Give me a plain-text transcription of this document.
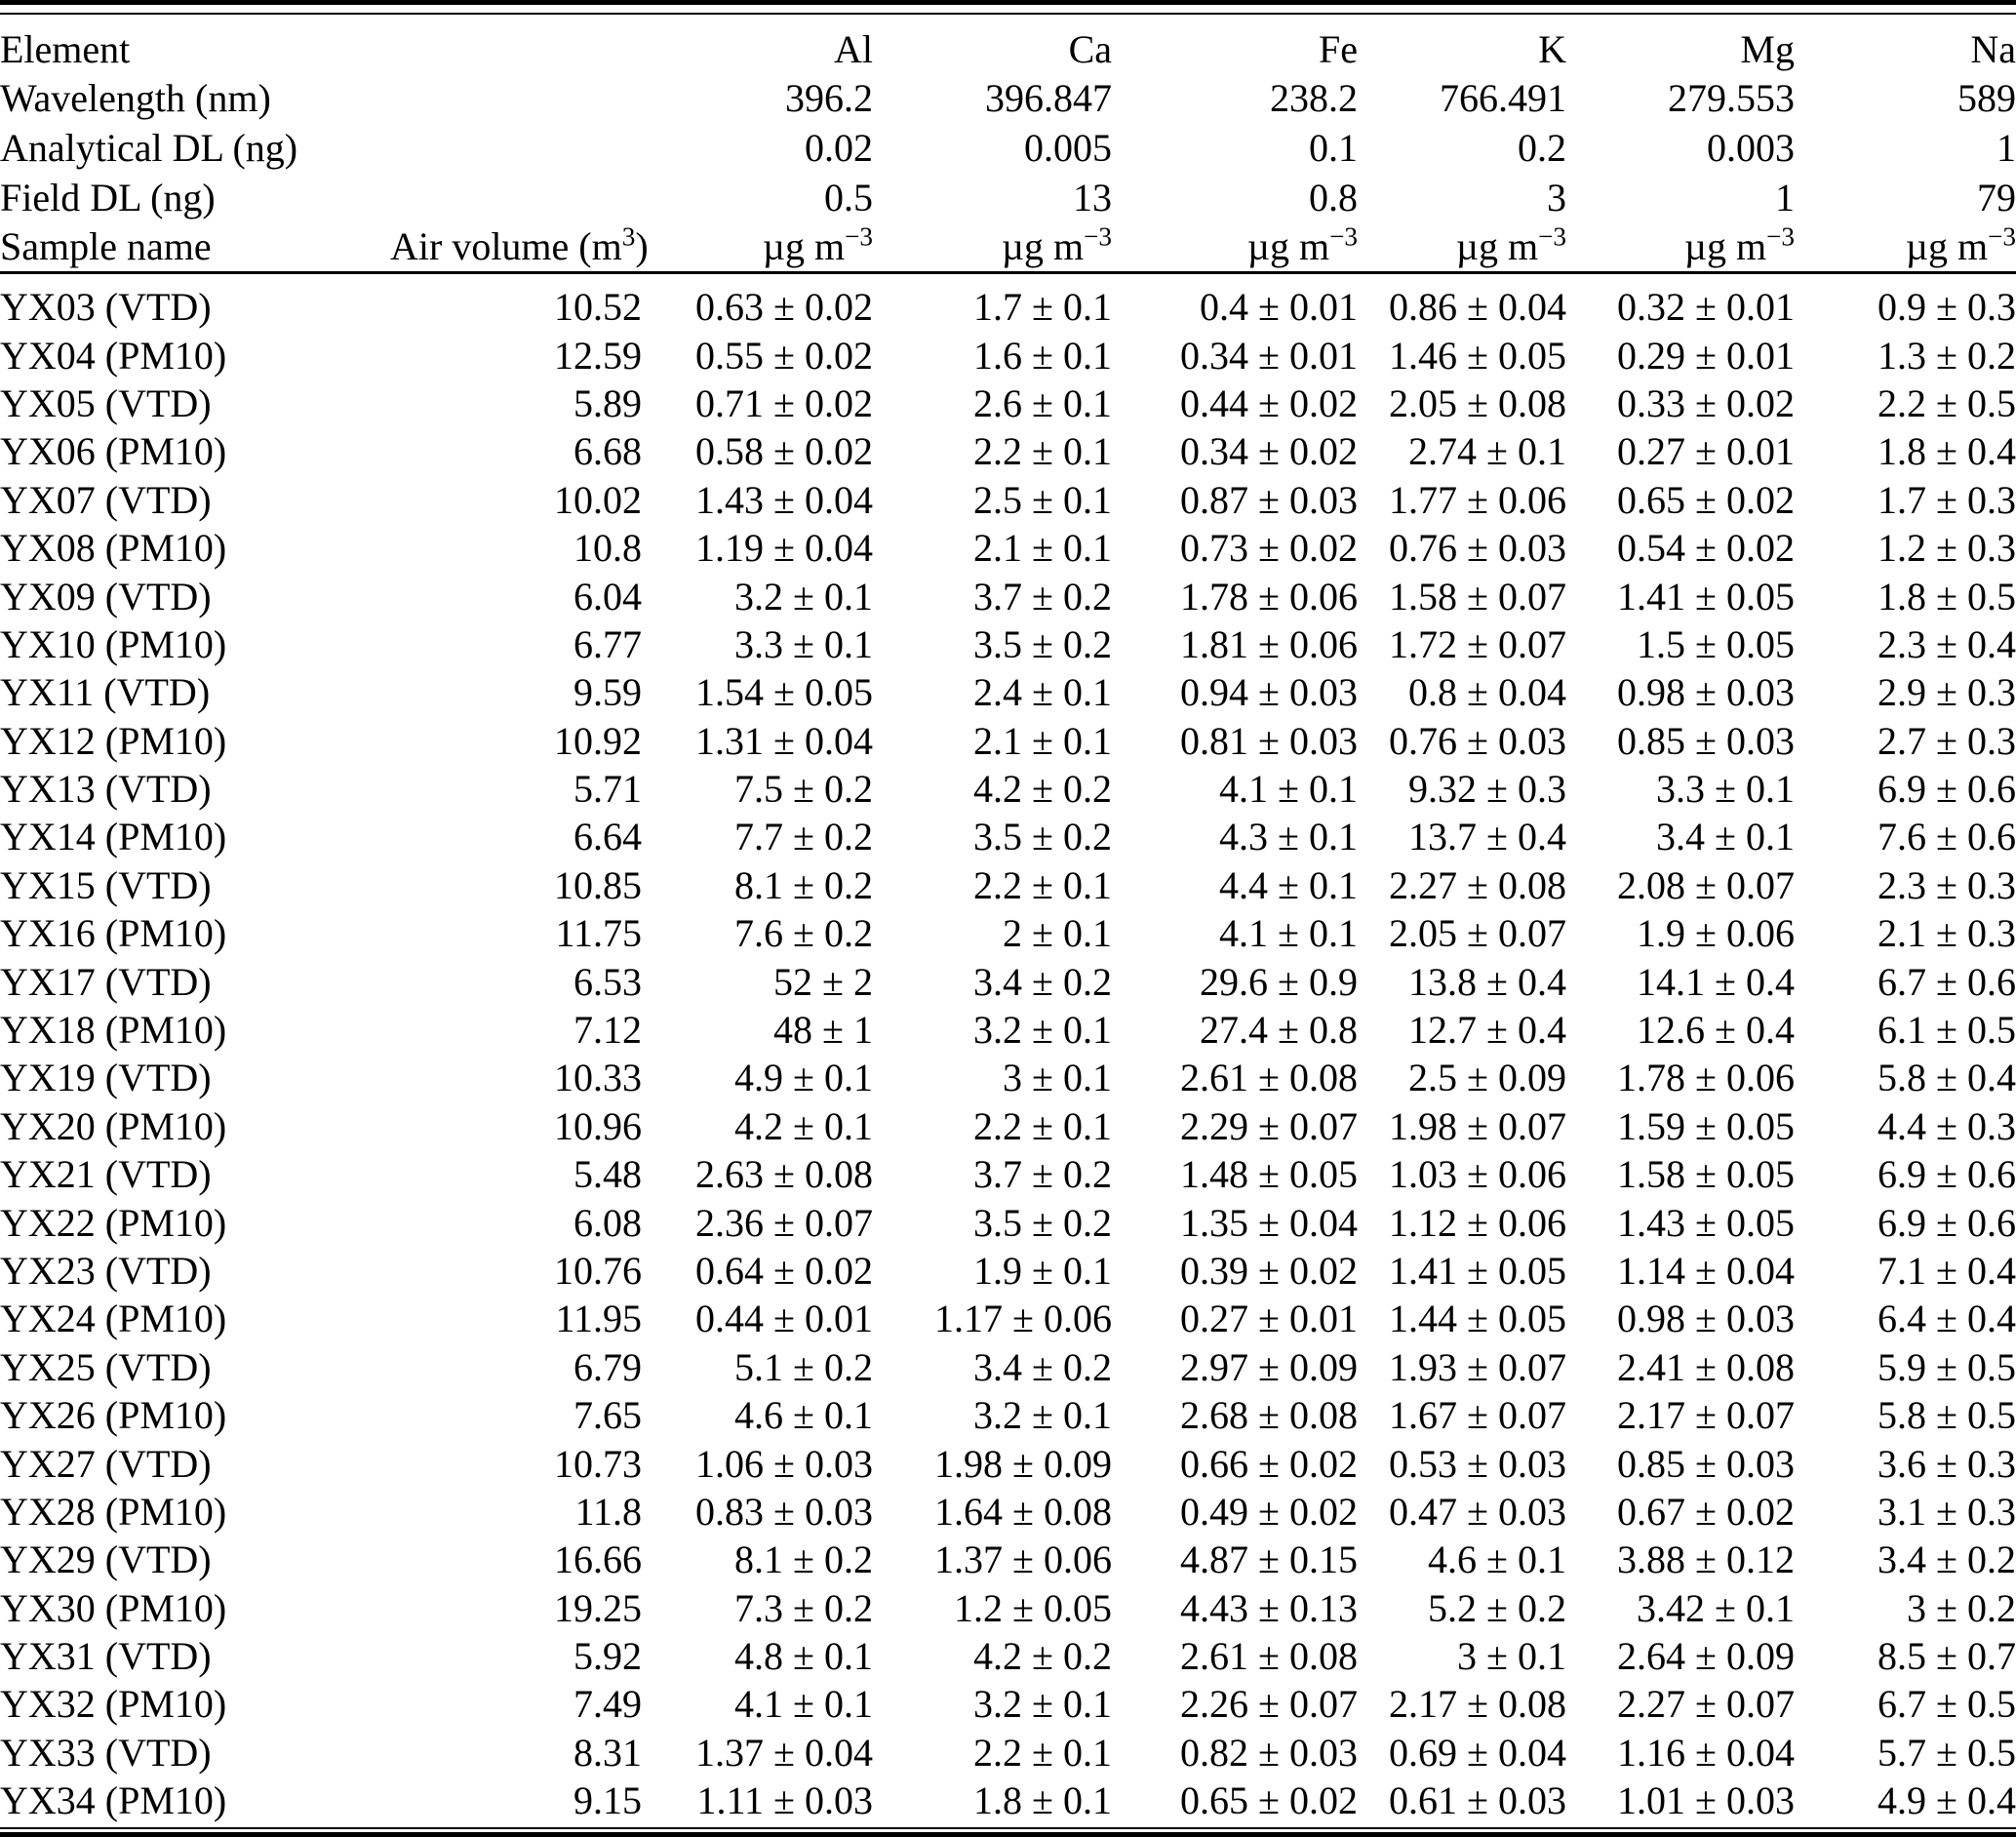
Element		Al	Ca	Fe	K	Mg	Na
Wavelength (nm)		396.2	396.847	238.2	766.491	279.553	589
Analytical DL (ng)		0.02	0.005	0.1	0.2	0.003	1
Field DL (ng)		0.5	13	0.8	3	1	79
Sample name	Air volume $(m^3)$	µg $m^{-3}$	µg $m^{-3}$	µg $m^{-3}$	µg $m^{-3}$	µg $m^{-3}$	µg $m^{-3}$
YX03 (VTD)	10.52	0.63 ± 0.02	1.7 ± 0.1	0.4 ± 0.01	0.86 ± 0.04	0.32 ± 0.01	0.9 ± 0.3
YX04 (PM10)	12.59	0.55 ± 0.02	1.6 ± 0.1	0.34 ± 0.01	1.46 ± 0.05	0.29 ± 0.01	1.3 ± 0.2
YX05 (VTD)	5.89	0.71 ± 0.02	2.6 ± 0.1	0.44 ± 0.02	2.05 ± 0.08	0.33 ± 0.02	2.2 ± 0.5
YX06 (PM10)	6.68	0.58 ± 0.02	2.2 ± 0.1	0.34 ± 0.02	2.74 ± 0.1	0.27 ± 0.01	1.8 ± 0.4
YX07 (VTD)	10.02	1.43 ± 0.04	2.5 ± 0.1	0.87 ± 0.03	1.77 ± 0.06	0.65 ± 0.02	1.7 ± 0.3
YX08 (PM10)	10.8	1.19 ± 0.04	2.1 ± 0.1	0.73 ± 0.02	0.76 ± 0.03	0.54 ± 0.02	1.2 ± 0.3
YX09 (VTD)	6.04	3.2 ± 0.1	3.7 ± 0.2	1.78 ± 0.06	1.58 ± 0.07	1.41 ± 0.05	1.8 ± 0.5
YX10 (PM10)	6.77	3.3 ± 0.1	3.5 ± 0.2	1.81 ± 0.06	1.72 ± 0.07	1.5 ± 0.05	2.3 ± 0.4
YX11 (VTD)	9.59	1.54 ± 0.05	2.4 ± 0.1	0.94 ± 0.03	0.8 ± 0.04	0.98 ± 0.03	2.9 ± 0.3
YX12 (PM10)	10.92	1.31 ± 0.04	2.1 ± 0.1	0.81 ± 0.03	0.76 ± 0.03	0.85 ± 0.03	2.7 ± 0.3
YX13 (VTD)	5.71	7.5 ± 0.2	4.2 ± 0.2	4.1 ± 0.1	9.32 ± 0.3	3.3 ± 0.1	6.9 ± 0.6
YX14 (PM10)	6.64	7.7 ± 0.2	3.5 ± 0.2	4.3 ± 0.1	13.7 ± 0.4	3.4 ± 0.1	7.6 ± 0.6
YX15 (VTD)	10.85	8.1 ± 0.2	2.2 ± 0.1	4.4 ± 0.1	2.27 ± 0.08	2.08 ± 0.07	2.3 ± 0.3
YX16 (PM10)	11.75	7.6 ± 0.2	2 ± 0.1	4.1 ± 0.1	2.05 ± 0.07	1.9 ± 0.06	2.1 ± 0.3
YX17 (VTD)	6.53	52 ± 2	3.4 ± 0.2	29.6 ± 0.9	13.8 ± 0.4	14.1 ± 0.4	6.7 ± 0.6
YX18 (PM10)	7.12	48 ± 1	3.2 ± 0.1	27.4 ± 0.8	12.7 ± 0.4	12.6 ± 0.4	6.1 ± 0.5
YX19 (VTD)	10.33	4.9 ± 0.1	3 ± 0.1	2.61 ± 0.08	2.5 ± 0.09	1.78 ± 0.06	5.8 ± 0.4
YX20 (PM10)	10.96	4.2 ± 0.1	2.2 ± 0.1	2.29 ± 0.07	1.98 ± 0.07	1.59 ± 0.05	4.4 ± 0.3
YX21 (VTD)	5.48	2.63 ± 0.08	3.7 ± 0.2	1.48 ± 0.05	1.03 ± 0.06	1.58 ± 0.05	6.9 ± 0.6
YX22 (PM10)	6.08	2.36 ± 0.07	3.5 ± 0.2	1.35 ± 0.04	1.12 ± 0.06	1.43 ± 0.05	6.9 ± 0.6
YX23 (VTD)	10.76	0.64 ± 0.02	1.9 ± 0.1	0.39 ± 0.02	1.41 ± 0.05	1.14 ± 0.04	7.1 ± 0.4
YX24 (PM10)	11.95	0.44 ± 0.01	1.17 ± 0.06	0.27 ± 0.01	1.44 ± 0.05	0.98 ± 0.03	6.4 ± 0.4
YX25 (VTD)	6.79	5.1 ± 0.2	3.4 ± 0.2	2.97 ± 0.09	1.93 ± 0.07	2.41 ± 0.08	5.9 ± 0.5
YX26 (PM10)	7.65	4.6 ± 0.1	3.2 ± 0.1	2.68 ± 0.08	1.67 ± 0.07	2.17 ± 0.07	5.8 ± 0.5
YX27 (VTD)	10.73	1.06 ± 0.03	1.98 ± 0.09	0.66 ± 0.02	0.53 ± 0.03	0.85 ± 0.03	3.6 ± 0.3
YX28 (PM10)	11.8	0.83 ± 0.03	1.64 ± 0.08	0.49 ± 0.02	0.47 ± 0.03	0.67 ± 0.02	3.1 ± 0.3
YX29 (VTD)	16.66	8.1 ± 0.2	1.37 ± 0.06	4.87 ± 0.15	4.6 ± 0.1	3.88 ± 0.12	3.4 ± 0.2
YX30 (PM10)	19.25	7.3 ± 0.2	1.2 ± 0.05	4.43 ± 0.13	5.2 ± 0.2	3.42 ± 0.1	3 ± 0.2
YX31 (VTD)	5.92	4.8 ± 0.1	4.2 ± 0.2	2.61 ± 0.08	3 ± 0.1	2.64 ± 0.09	8.5 ± 0.7
YX32 (PM10)	7.49	4.1 ± 0.1	3.2 ± 0.1	2.26 ± 0.07	2.17 ± 0.08	2.27 ± 0.07	6.7 ± 0.5
YX33 (VTD)	8.31	1.37 ± 0.04	2.2 ± 0.1	0.82 ± 0.03	0.69 ± 0.04	1.16 ± 0.04	5.7 ± 0.5
YX34 (PM10)	9.15	1.11 ± 0.03	1.8 ± 0.1	0.65 ± 0.02	0.61 ± 0.03	1.01 ± 0.03	4.9 ± 0.4
